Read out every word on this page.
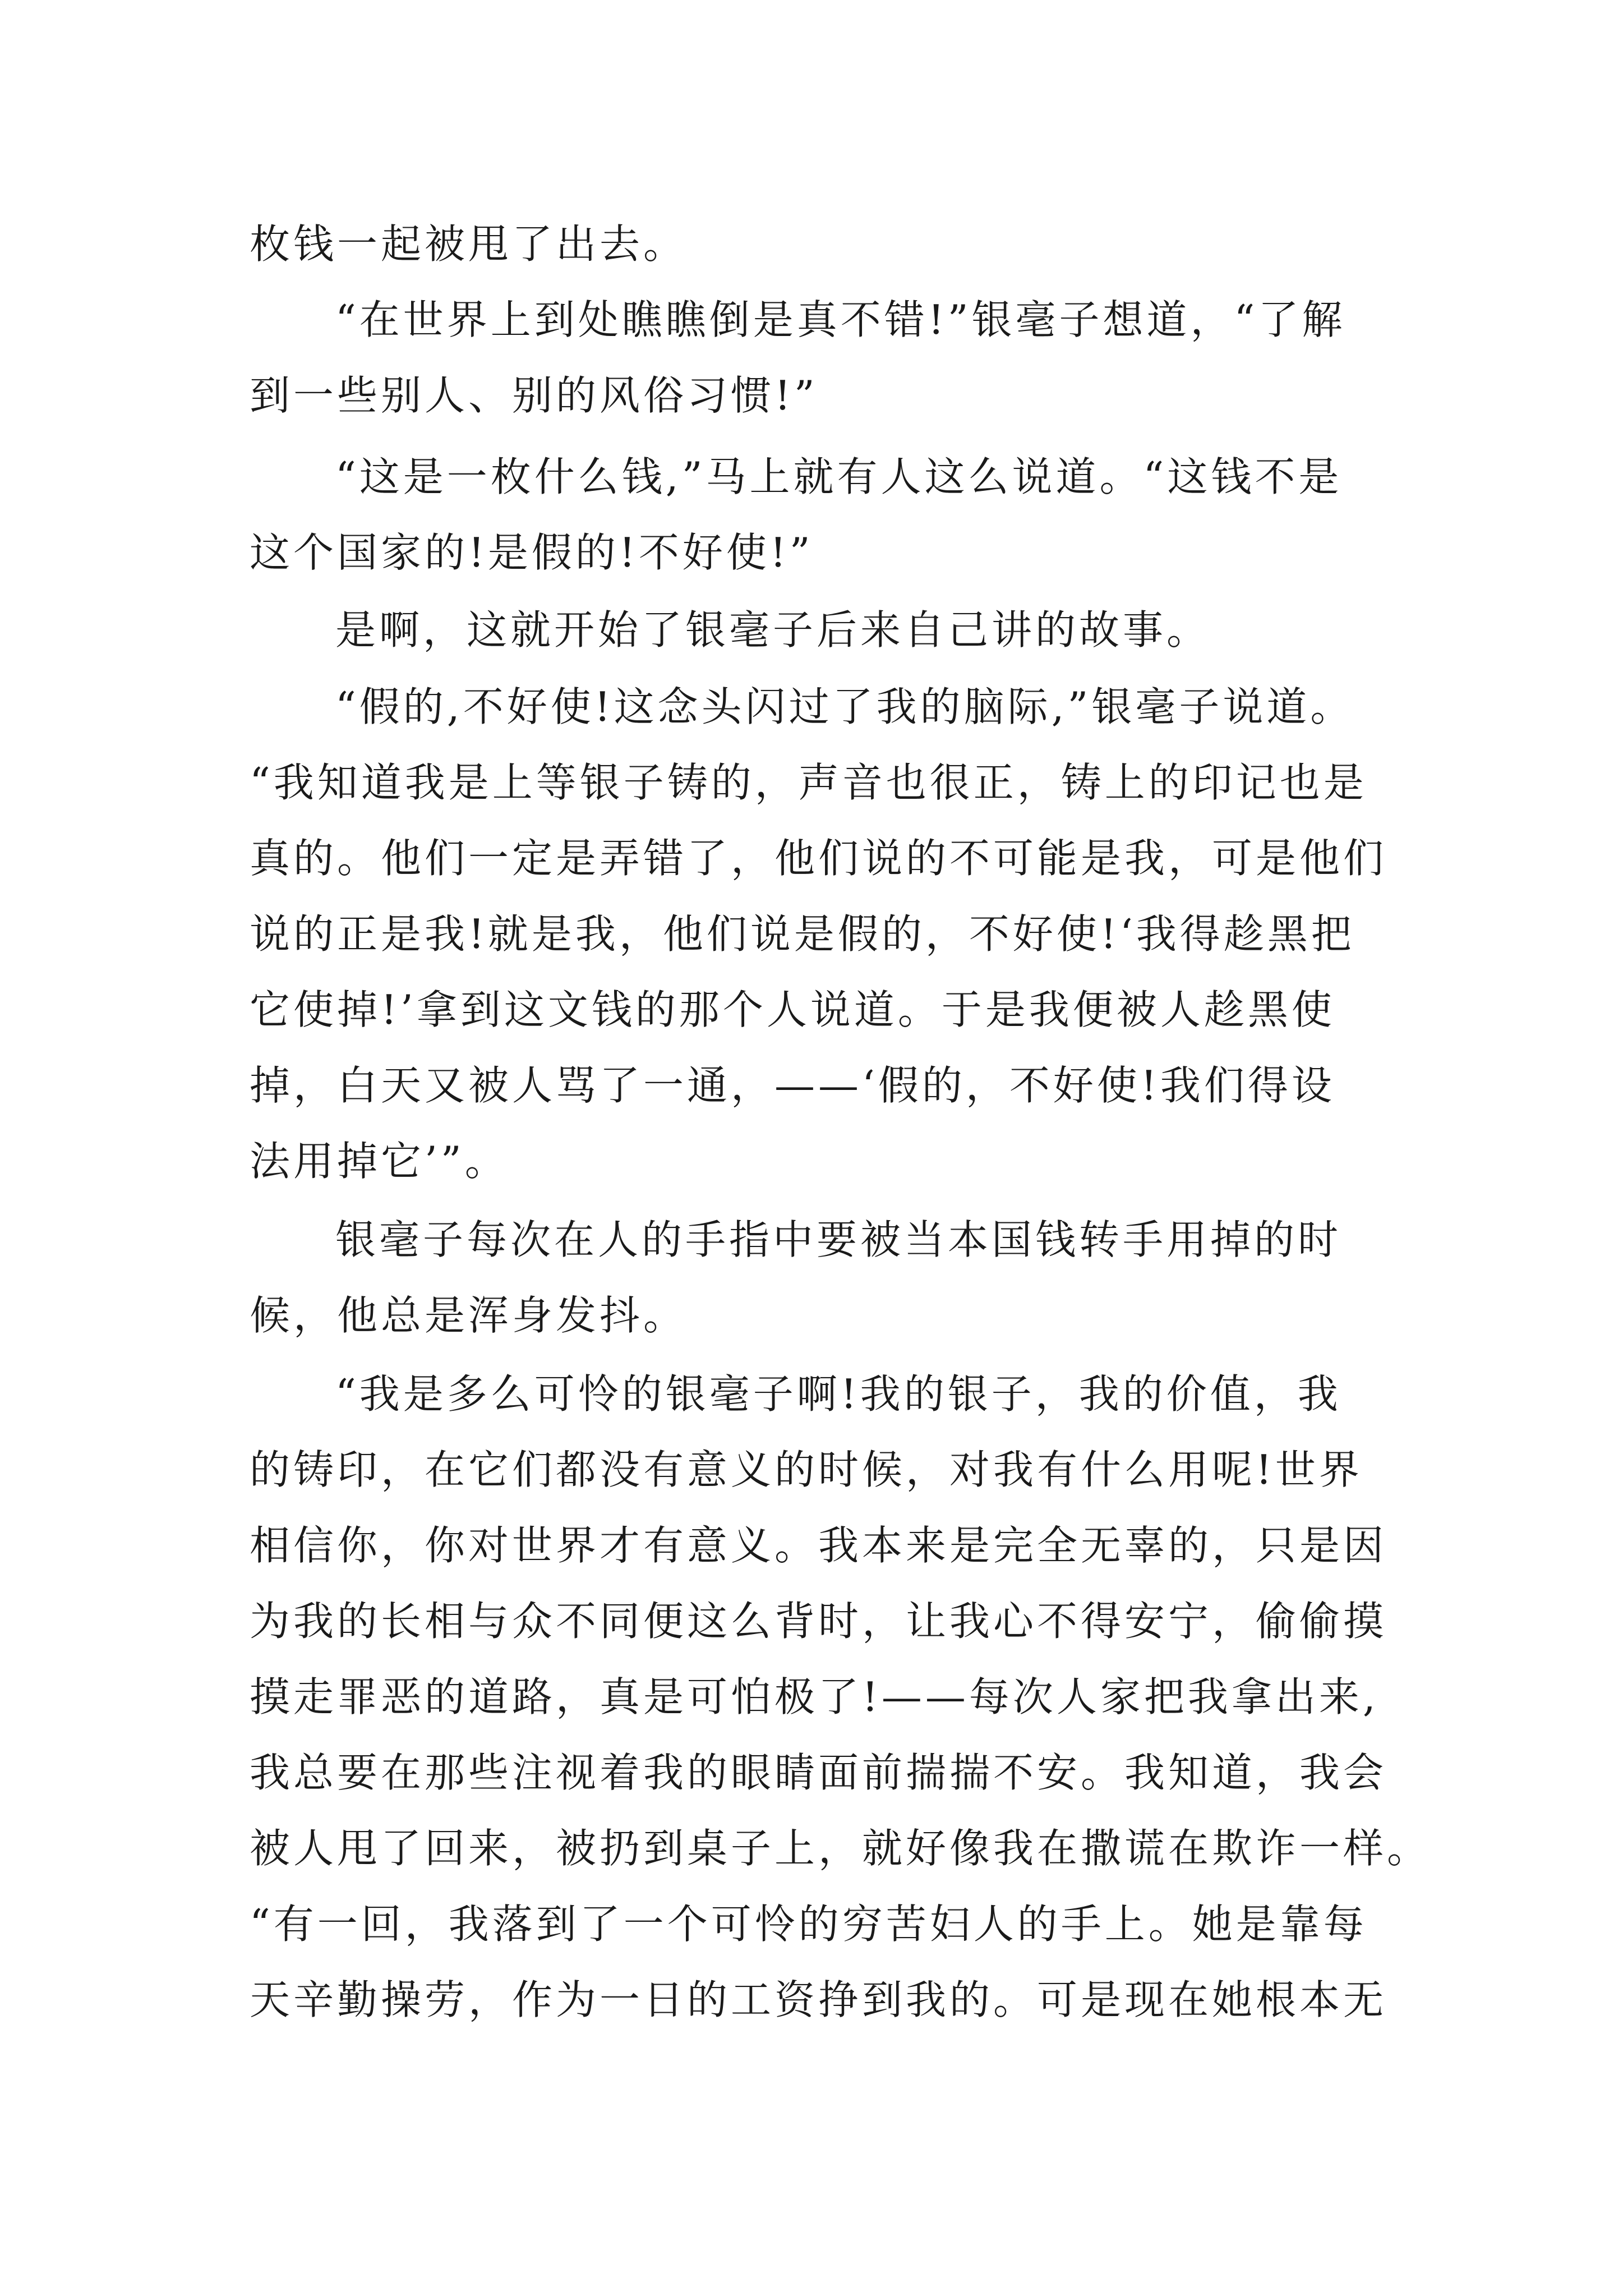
枚钱一起被甩了出去。
“在世界上到处瞧瞧倒是真不错!”银毫子想道，“了解
到一些别人、别的风俗习惯!”
“这是一枚什么钱,”马上就有人这么说道。“这钱不是
这个国家的!是假的!不好使!”
是啊，这就开始了银毫子后来自己讲的故事。
“假的,不好使!这念头闪过了我的脑际,”银毫子说道。
“我知道我是上等银子铸的，声音也很正，铸上的印记也是
真的。他们一定是弄错了，他们说的不可能是我，可是他们
说的正是我!就是我，他们说是假的，不好使!‘我得趁黑把
它使掉!’拿到这文钱的那个人说道。于是我便被人趁黑使
掉，白天又被人骂了一通，——‘假的，不好使!我们得设
法用掉它’”。
银毫子每次在人的手指中要被当本国钱转手用掉的时
候，他总是浑身发抖。
“我是多么可怜的银毫子啊!我的银子，我的价值，我
的铸印，在它们都没有意义的时候，对我有什么用呢!世界
相信你，你对世界才有意义。我本来是完全无辜的，只是因
为我的长相与众不同便这么背时，让我心不得安宁，偷偷摸
摸走罪恶的道路，真是可怕极了!——每次人家把我拿出来,
我总要在那些注视着我的眼睛面前揣揣不安。我知道，我会
被人甩了回来，被扔到桌子上，就好像我在撒谎在欺诈一样。
“有一回，我落到了一个可怜的穷苦妇人的手上。她是靠每
天辛勤操劳，作为一日的工资挣到我的。可是现在她根本无
